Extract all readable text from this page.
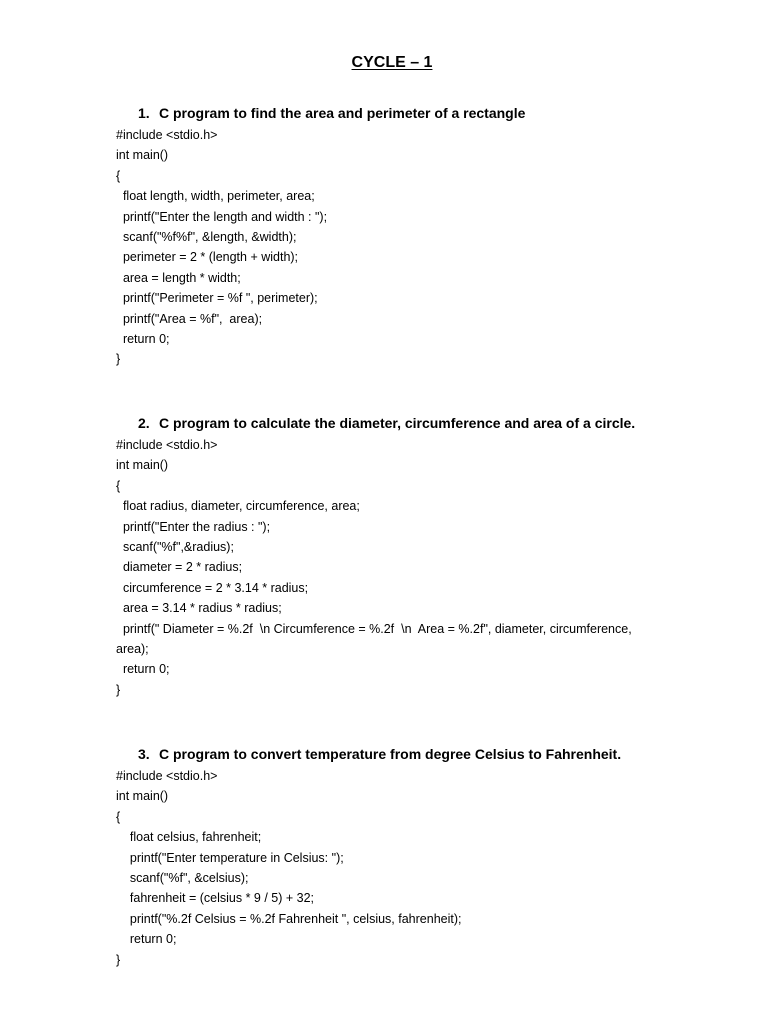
CYCLE – 1
1. C program to find the area and perimeter of a rectangle
#include <stdio.h>
int main()
{
float length, width, perimeter, area;
printf("Enter the length and width : ");
scanf("%f%f", &length, &width);
perimeter = 2 * (length + width);
area = length * width;
printf("Perimeter = %f ", perimeter);
printf("Area = %f",  area);
return 0;
}
2. C program to calculate the diameter, circumference and area of a circle.
#include <stdio.h>
int main()
{
float radius, diameter, circumference, area;
printf("Enter the radius : ");
scanf("%f",&radius);
diameter = 2 * radius;
circumference = 2 * 3.14 * radius;
area = 3.14 * radius * radius;
printf(" Diameter = %.2f  \n Circumference = %.2f  \n  Area = %.2f", diameter, circumference,
area);
return 0;
}
3. C program to convert temperature from degree Celsius to Fahrenheit.
#include <stdio.h>
int main()
{
float celsius, fahrenheit;
printf("Enter temperature in Celsius: ");
scanf("%f", &celsius);
fahrenheit = (celsius * 9 / 5) + 32;
printf("%.2f Celsius = %.2f Fahrenheit ", celsius, fahrenheit);
return 0;
}
